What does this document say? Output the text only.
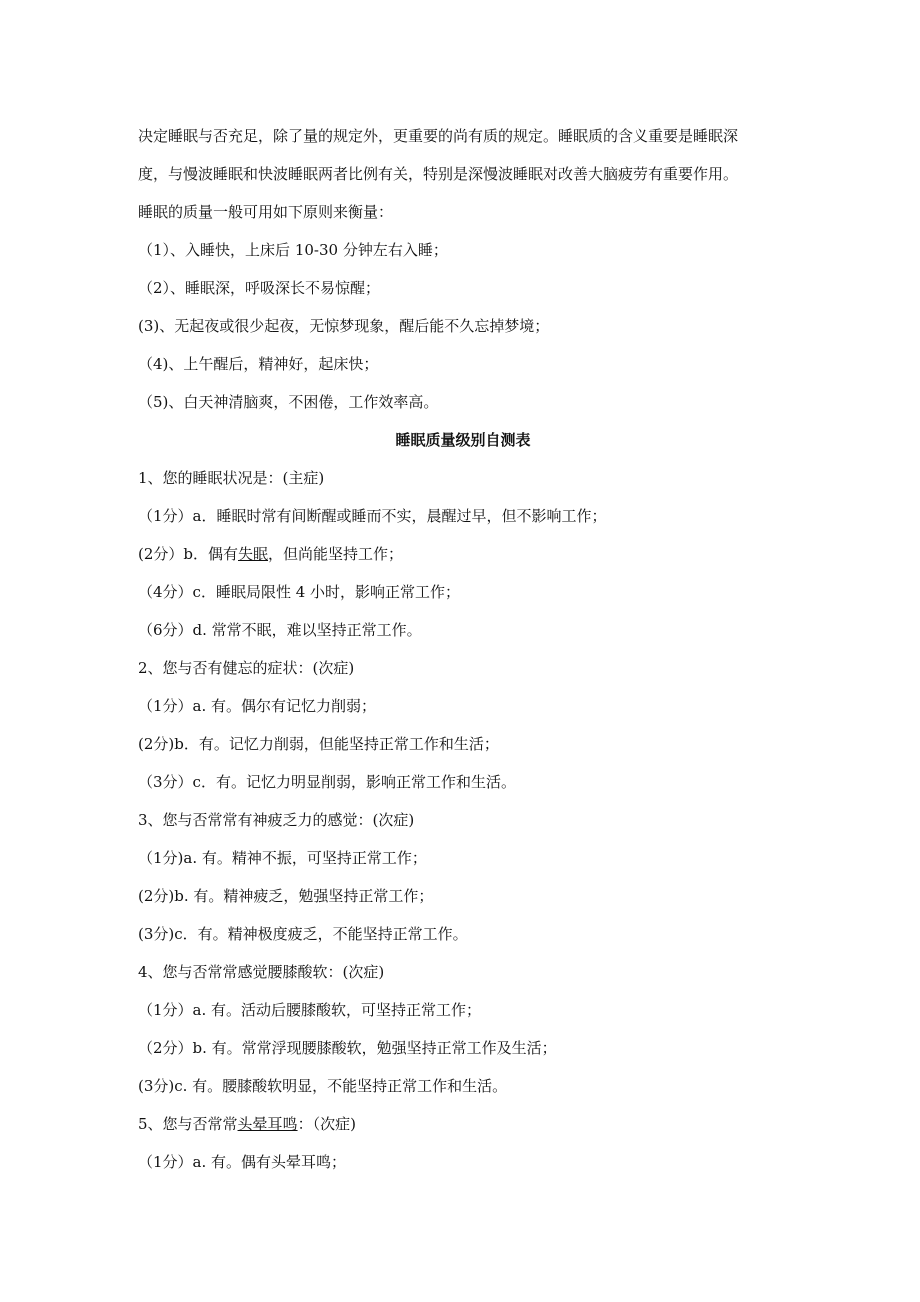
决定睡眠与否充足，除了量的规定外，更重要的尚有质的规定。睡眠质的含义重要是睡眠深
度，与慢波睡眠和快波睡眠两者比例有关，特别是深慢波睡眠对改善大脑疲劳有重要作用。
睡眠的质量一般可用如下原则来衡量：
（1）、入睡快，上床后 10-30 分钟左右入睡；
（2）、睡眠深，呼吸深长不易惊醒；
(3)、无起夜或很少起夜，无惊梦现象，醒后能不久忘掉梦境；
（4)、上午醒后，精神好，起床快；
（5)、白天神清脑爽，不困倦，工作效率高。
睡眠质量级别自测表
1、您的睡眠状况是：(主症)
（1分）a．睡眠时常有间断醒或睡而不实，晨醒过早，但不影响工作；
(2分）b．偶有失眠，但尚能坚持工作；
（4分）c．睡眠局限性 4 小时，影响正常工作；
（6分）d. 常常不眠，难以坚持正常工作。
2、您与否有健忘的症状：(次症)
（1分）a. 有。偶尔有记忆力削弱；
(2分)b．有。记忆力削弱，但能坚持正常工作和生活；
（3分）c．有。记忆力明显削弱，影响正常工作和生活。
3、您与否常常有神疲乏力的感觉：(次症)
（1分)a. 有。精神不振，可坚持正常工作；
(2分)b. 有。精神疲乏，勉强坚持正常工作；
(3分)c．有。精神极度疲乏，不能坚持正常工作。
4、您与否常常感觉腰膝酸软：(次症)
（1分）a. 有。活动后腰膝酸软，可坚持正常工作；
（2分）b. 有。常常浮现腰膝酸软，勉强坚持正常工作及生活；
(3分)c. 有。腰膝酸软明显，不能坚持正常工作和生活。
5、您与否常常头晕耳鸣：（次症)
（1分）a. 有。偶有头晕耳鸣；
